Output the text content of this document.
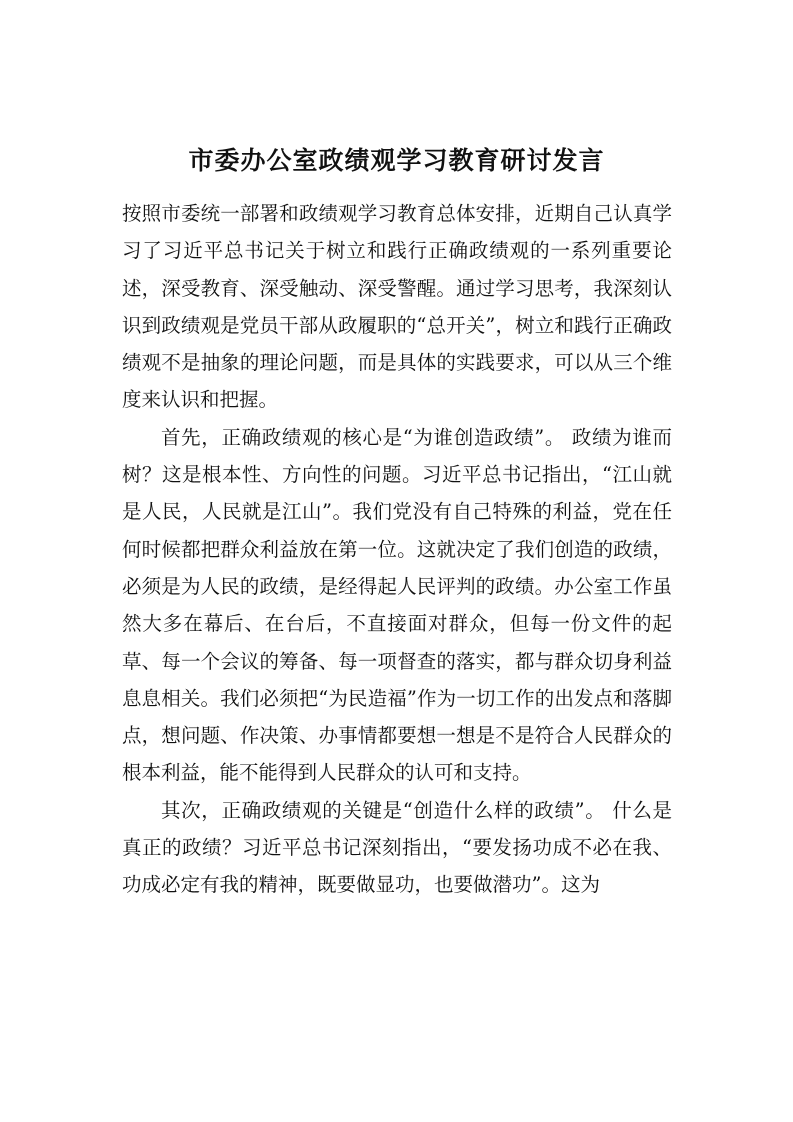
市委办公室政绩观学习教育研讨发言

按照市委统一部署和政绩观学习教育总体安排，近期自己认真学习了习近平总书记关于树立和践行正确政绩观的一系列重要论述，深受教育、深受触动、深受警醒。通过学习思考，我深刻认识到政绩观是党员干部从政履职的“总开关”，树立和践行正确政绩观不是抽象的理论问题，而是具体的实践要求，可以从三个维度来认识和把握。

首先，正确政绩观的核心是“为谁创造政绩”。 政绩为谁而树？这是根本性、方向性的问题。习近平总书记指出，“江山就是人民，人民就是江山”。我们党没有自己特殊的利益，党在任何时候都把群众利益放在第一位。这就决定了我们创造的政绩，必须是为人民的政绩，是经得起人民评判的政绩。办公室工作虽然大多在幕后、在台后，不直接面对群众，但每一份文件的起草、每一个会议的筹备、每一项督查的落实，都与群众切身利益息息相关。我们必须把“为民造福”作为一切工作的出发点和落脚点，想问题、作决策、办事情都要想一想是不是符合人民群众的根本利益，能不能得到人民群众的认可和支持。

其次，正确政绩观的关键是“创造什么样的政绩”。 什么是真正的政绩？习近平总书记深刻指出，“要发扬功成不必在我、功成必定有我的精神，既要做显功，也要做潜功”。这为
